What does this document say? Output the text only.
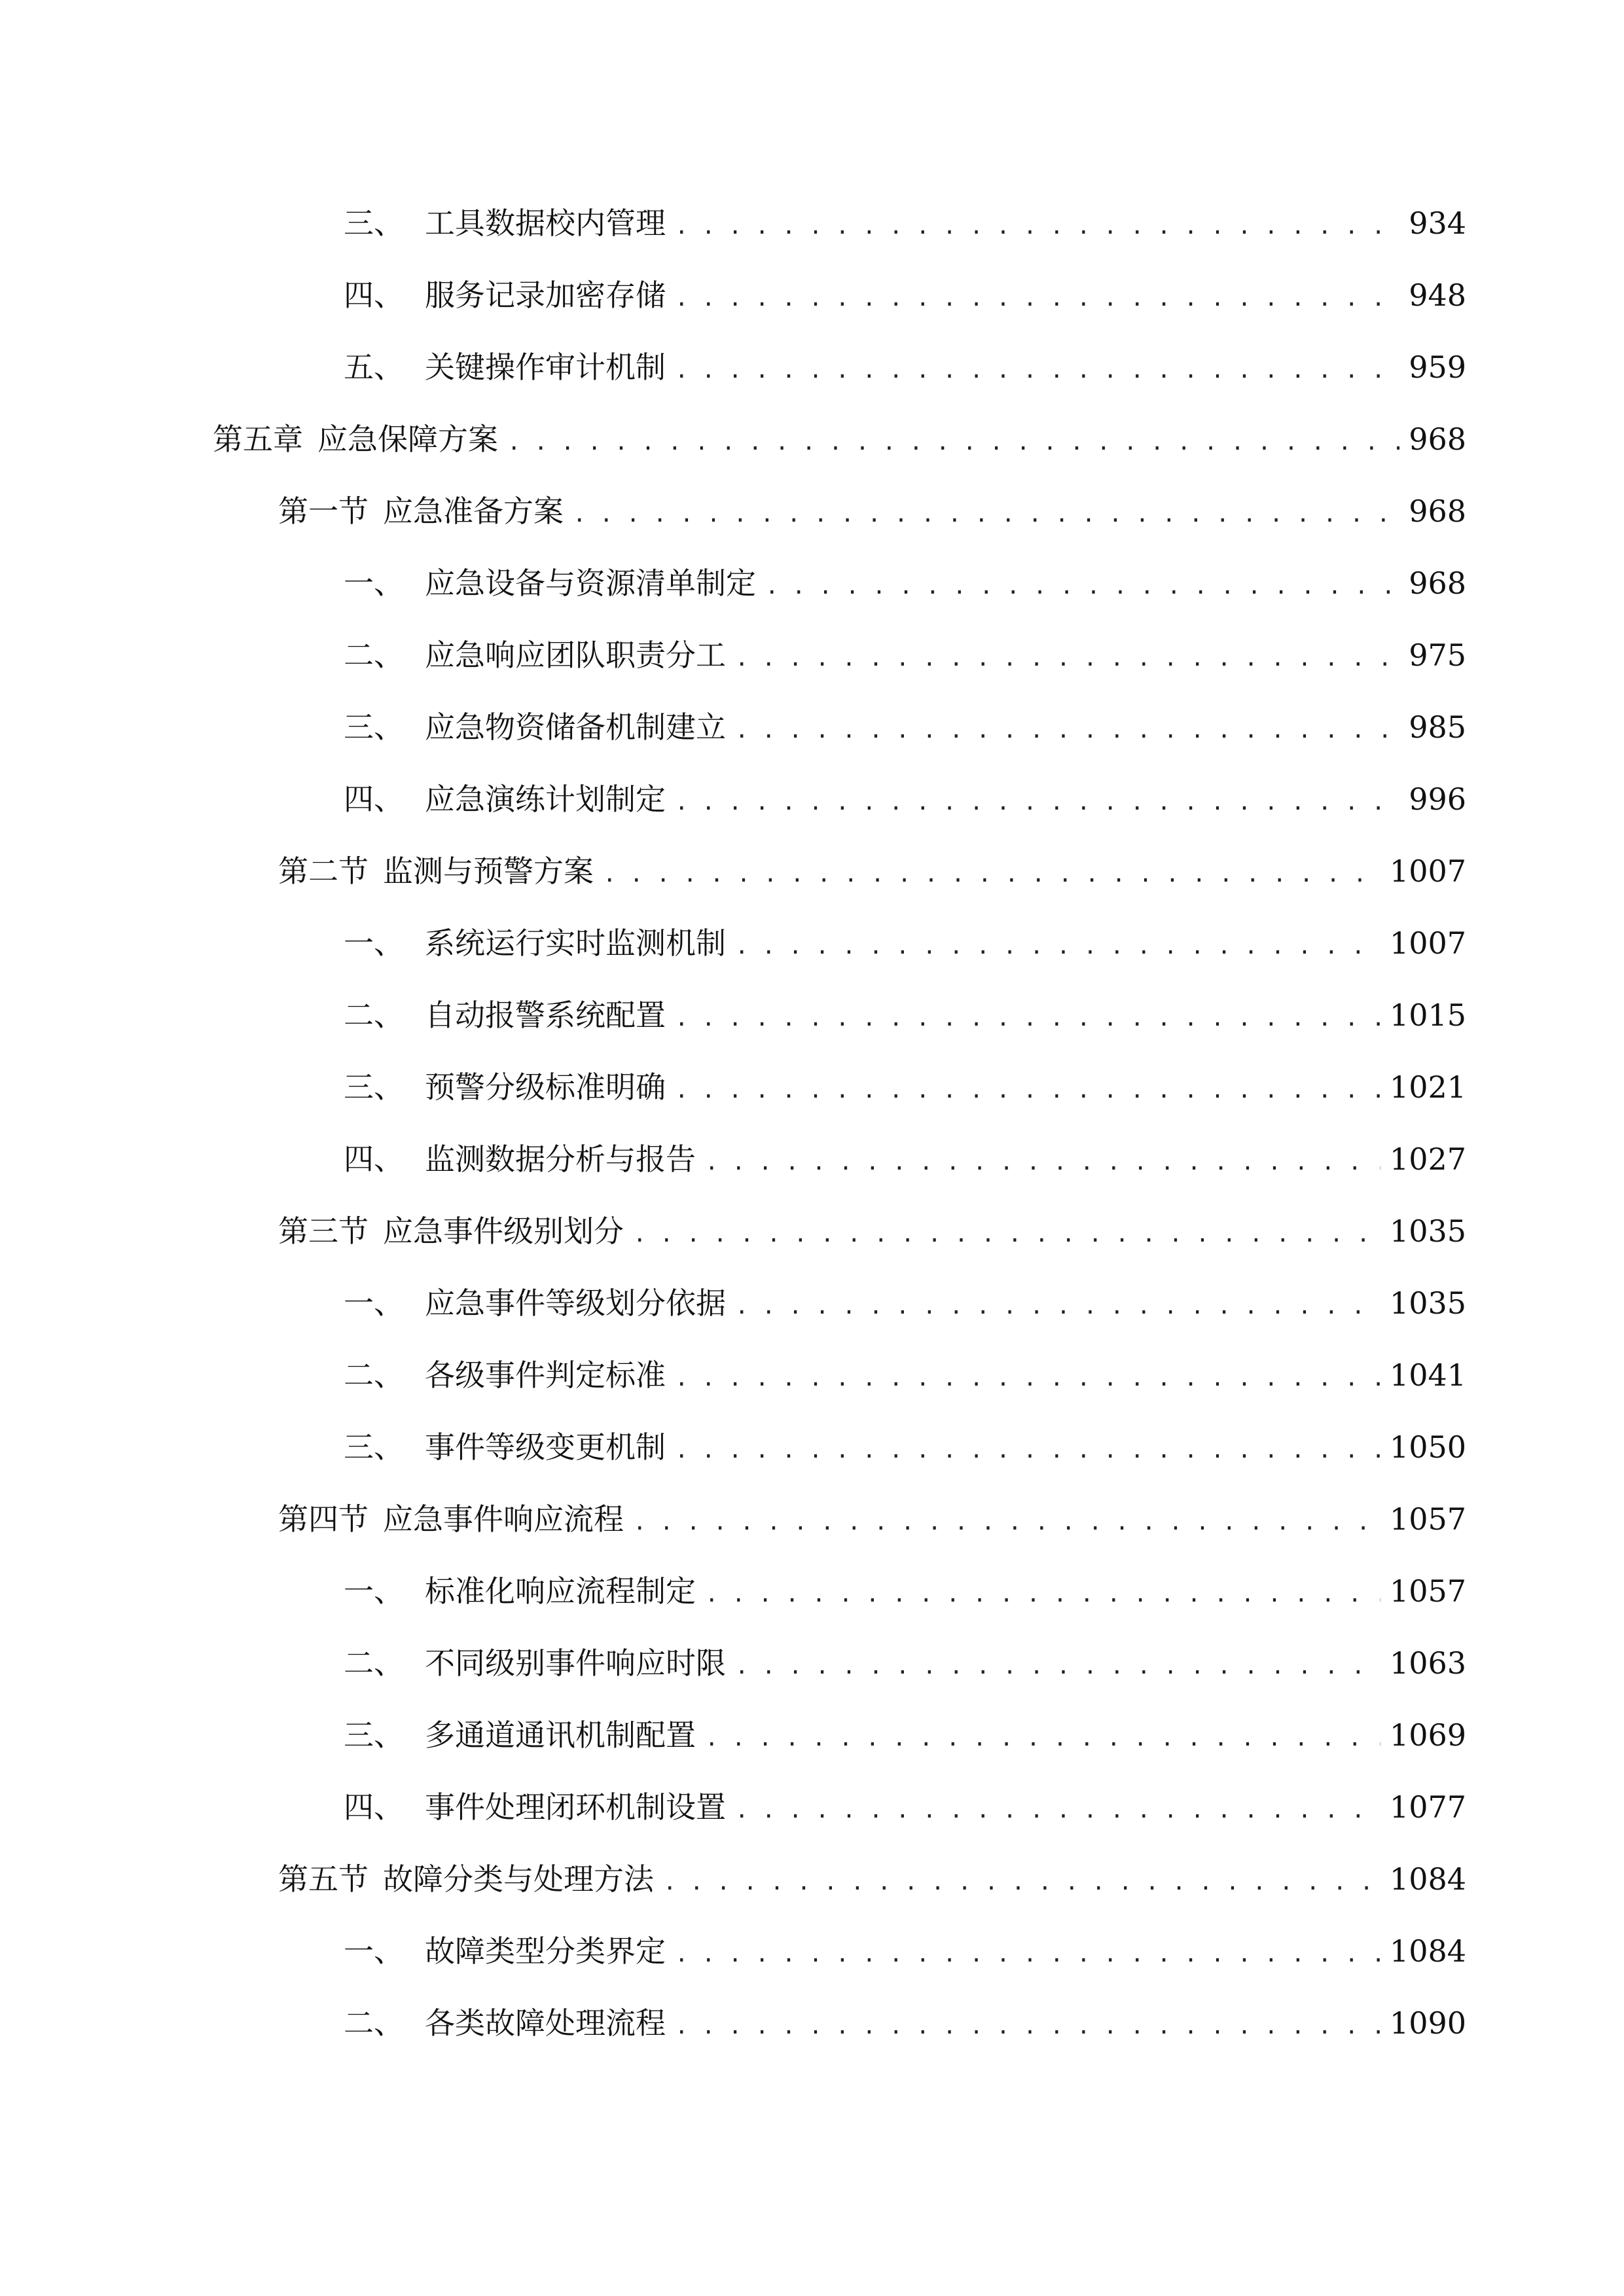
三、 工具数据校内管理 . . .	934
四、 服务记录加密存储 . . .	948
五、 关键操作审计机制 . . .	959
第五章 应急保障方案 . . .	968
第一节 应急准备方案 . . .	968
一、 应急设备与资源清单制定 . . .	968
二、 应急响应团队职责分工 . . .	975
三、 应急物资储备机制建立 . . .	985
四、 应急演练计划制定 . . .	996
第二节 监测与预警方案 . . .	1007
一、 系统运行实时监测机制 . . .	1007
二、 自动报警系统配置 . . .	1015
三、 预警分级标准明确 . . .	1021
四、 监测数据分析与报告 . . .	1027
第三节 应急事件级别划分 . . .	1035
一、 应急事件等级划分依据 . . .	1035
二、 各级事件判定标准 . . .	1041
三、 事件等级变更机制 . . .	1050
第四节 应急事件响应流程 . . .	1057
一、 标准化响应流程制定 . . .	1057
二、 不同级别事件响应时限 . . .	1063
三、 多通道通讯机制配置 . . .	1069
四、 事件处理闭环机制设置 . . .	1077
第五节 故障分类与处理方法 . . .	1084
一、 故障类型分类界定 . . .	1084
二、 各类故障处理流程 . . .	1090
